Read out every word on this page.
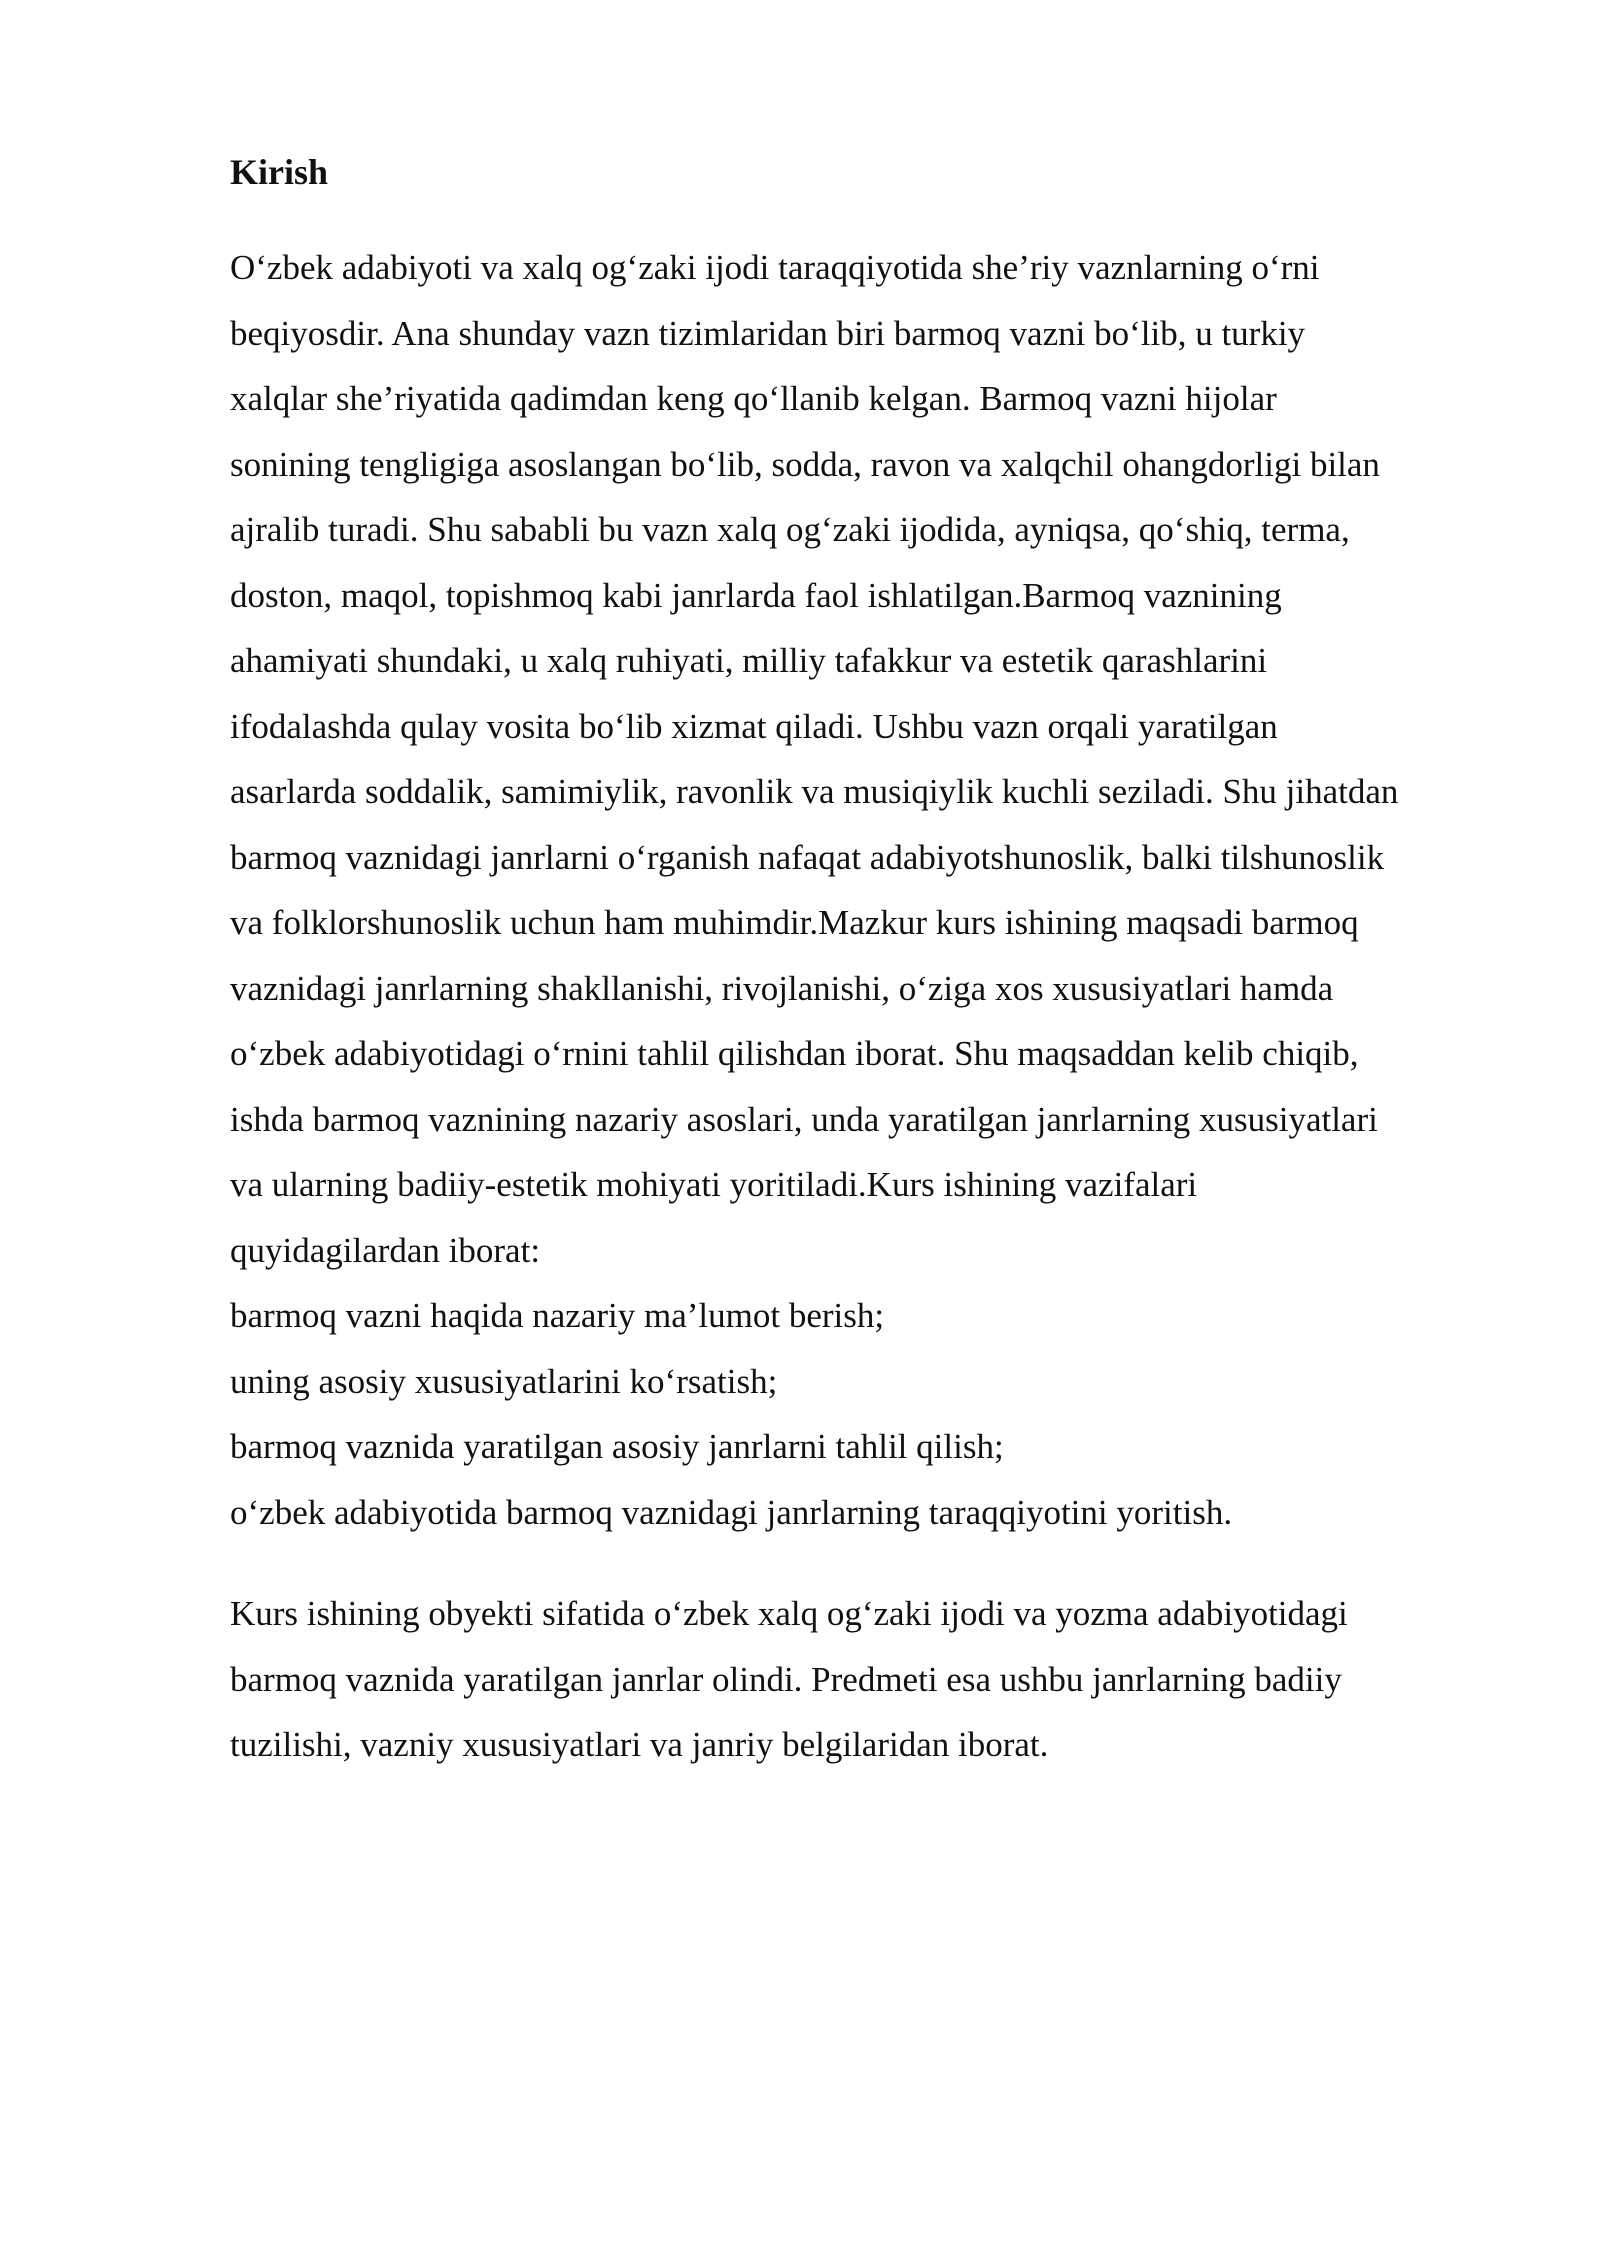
Kirish
O‘zbek adabiyoti va xalq og‘zaki ijodi taraqqiyotida she’riy vaznlarning o‘rni
beqiyosdir. Ana shunday vazn tizimlaridan biri barmoq vazni bo‘lib, u turkiy
xalqlar she’riyatida qadimdan keng qo‘llanib kelgan. Barmoq vazni hijolar
sonining tengligiga asoslangan bo‘lib, sodda, ravon va xalqchil ohangdorligi bilan
ajralib turadi. Shu sababli bu vazn xalq og‘zaki ijodida, ayniqsa, qo‘shiq, terma,
doston, maqol, topishmoq kabi janrlarda faol ishlatilgan.Barmoq vaznining
ahamiyati shundaki, u xalq ruhiyati, milliy tafakkur va estetik qarashlarini
ifodalashda qulay vosita bo‘lib xizmat qiladi. Ushbu vazn orqali yaratilgan
asarlarda soddalik, samimiylik, ravonlik va musiqiylik kuchli seziladi. Shu jihatdan
barmoq vaznidagi janrlarni o‘rganish nafaqat adabiyotshunoslik, balki tilshunoslik
va folklorshunoslik uchun ham muhimdir.Mazkur kurs ishining maqsadi barmoq
vaznidagi janrlarning shakllanishi, rivojlanishi, o‘ziga xos xususiyatlari hamda
o‘zbek adabiyotidagi o‘rnini tahlil qilishdan iborat. Shu maqsaddan kelib chiqib,
ishda barmoq vaznining nazariy asoslari, unda yaratilgan janrlarning xususiyatlari
va ularning badiiy-estetik mohiyati yoritiladi.Kurs ishining vazifalari
quyidagilardan iborat:
barmoq vazni haqida nazariy ma’lumot berish;
uning asosiy xususiyatlarini ko‘rsatish;
barmoq vaznida yaratilgan asosiy janrlarni tahlil qilish;
o‘zbek adabiyotida barmoq vaznidagi janrlarning taraqqiyotini yoritish.
Kurs ishining obyekti sifatida o‘zbek xalq og‘zaki ijodi va yozma adabiyotidagi
barmoq vaznida yaratilgan janrlar olindi. Predmeti esa ushbu janrlarning badiiy
tuzilishi, vazniy xususiyatlari va janriy belgilaridan iborat.
